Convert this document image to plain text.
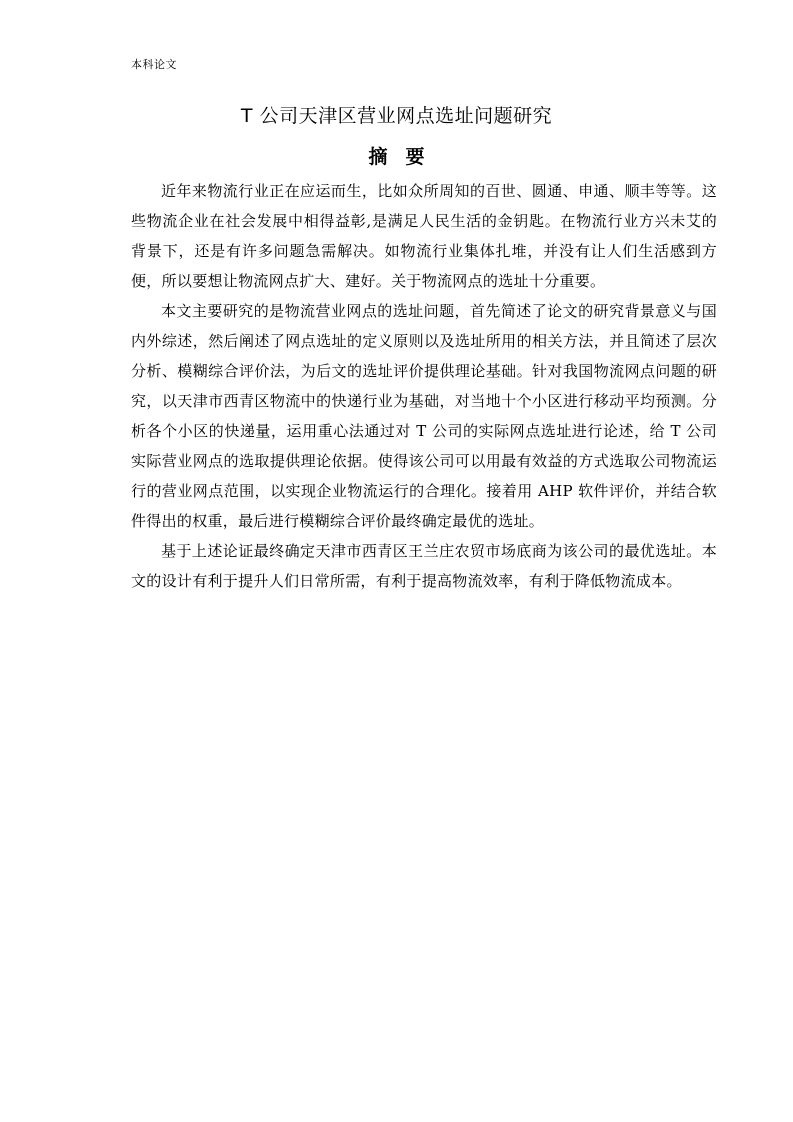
本科论文
T 公司天津区营业网点选址问题研究
摘要

近年来物流行业正在应运而生，比如众所周知的百世、圆通、申通、顺丰等等。这些物流企业在社会发展中相得益彰,是满足人民生活的金钥匙。在物流行业方兴未艾的背景下，还是有许多问题急需解决。如物流行业集体扎堆，并没有让人们生活感到方便，所以要想让物流网点扩大、建好。关于物流网点的选址十分重要。

本文主要研究的是物流营业网点的选址问题，首先简述了论文的研究背景意义与国内外综述，然后阐述了网点选址的定义原则以及选址所用的相关方法，并且简述了层次分析、模糊综合评价法，为后文的选址评价提供理论基础。针对我国物流网点问题的研究，以天津市西青区物流中的快递行业为基础，对当地十个小区进行移动平均预测。分析各个小区的快递量，运用重心法通过对 T 公司的实际网点选址进行论述，给 T 公司实际营业网点的选取提供理论依据。使得该公司可以用最有效益的方式选取公司物流运行的营业网点范围，以实现企业物流运行的合理化。接着用 AHP 软件评价，并结合软件得出的权重，最后进行模糊综合评价最终确定最优的选址。

基于上述论证最终确定天津市西青区王兰庄农贸市场底商为该公司的最优选址。本文的设计有利于提升人们日常所需，有利于提高物流效率，有利于降低物流成本。
